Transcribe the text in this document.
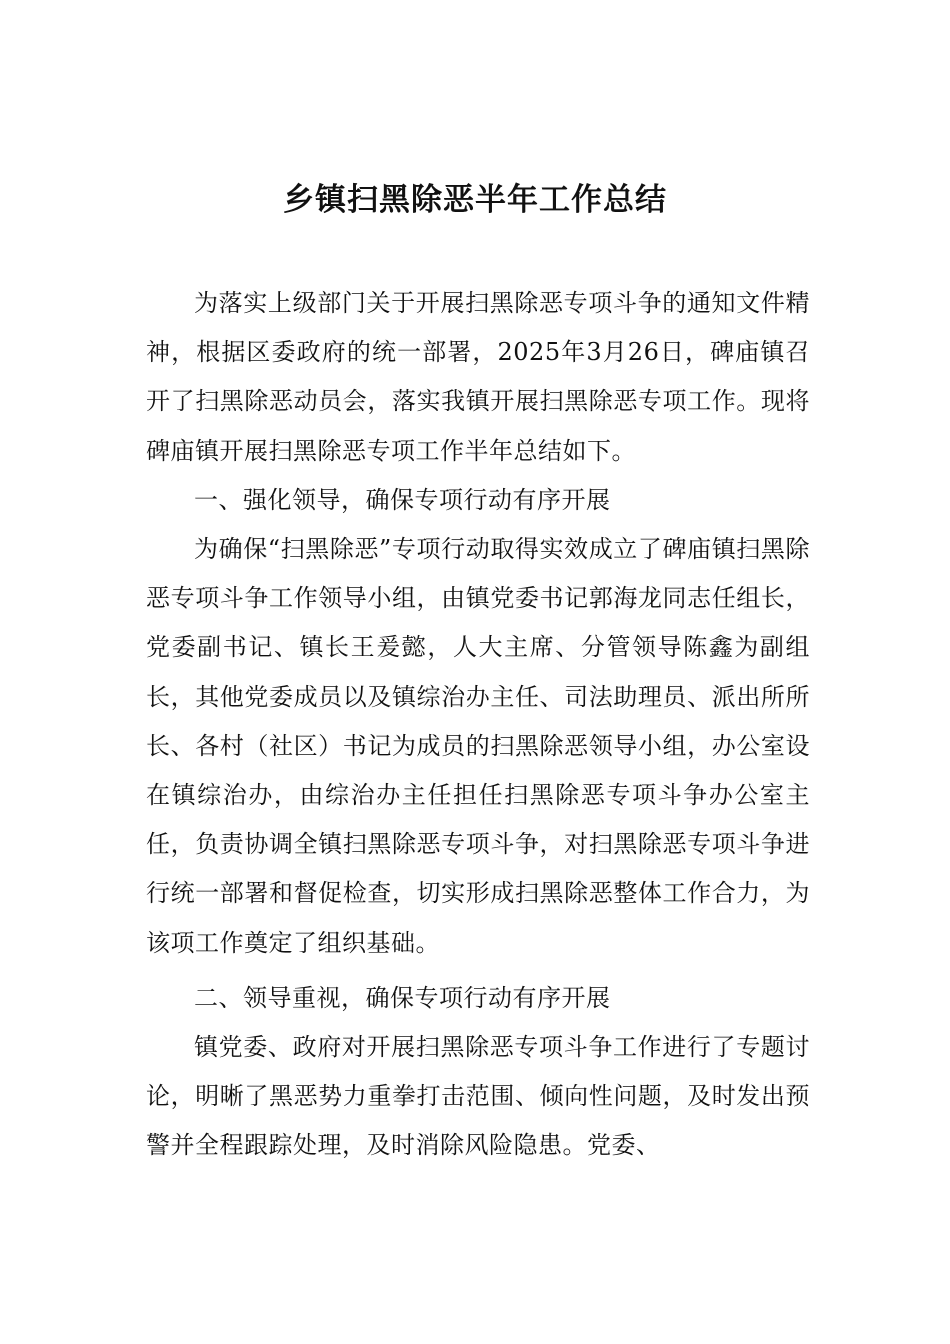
乡镇扫黑除恶半年工作总结

为落实上级部门关于开展扫黑除恶专项斗争的通知文件精神，根据区委政府的统一部署，2025年3月26日，碑庙镇召开了扫黑除恶动员会，落实我镇开展扫黑除恶专项工作。现将碑庙镇开展扫黑除恶专项工作半年总结如下。

一、强化领导，确保专项行动有序开展

为确保“扫黑除恶”专项行动取得实效成立了碑庙镇扫黑除恶专项斗争工作领导小组，由镇党委书记郭海龙同志任组长，党委副书记、镇长王爰懿，人大主席、分管领导陈鑫为副组长，其他党委成员以及镇综治办主任、司法助理员、派出所所长、各村（社区）书记为成员的扫黑除恶领导小组，办公室设在镇综治办，由综治办主任担任扫黑除恶专项斗争办公室主任，负责协调全镇扫黑除恶专项斗争，对扫黑除恶专项斗争进行统一部署和督促检查，切实形成扫黑除恶整体工作合力，为该项工作奠定了组织基础。

二、领导重视，确保专项行动有序开展

镇党委、政府对开展扫黑除恶专项斗争工作进行了专题讨论，明晰了黑恶势力重拳打击范围、倾向性问题，及时发出预警并全程跟踪处理，及时消除风险隐患。党委、
